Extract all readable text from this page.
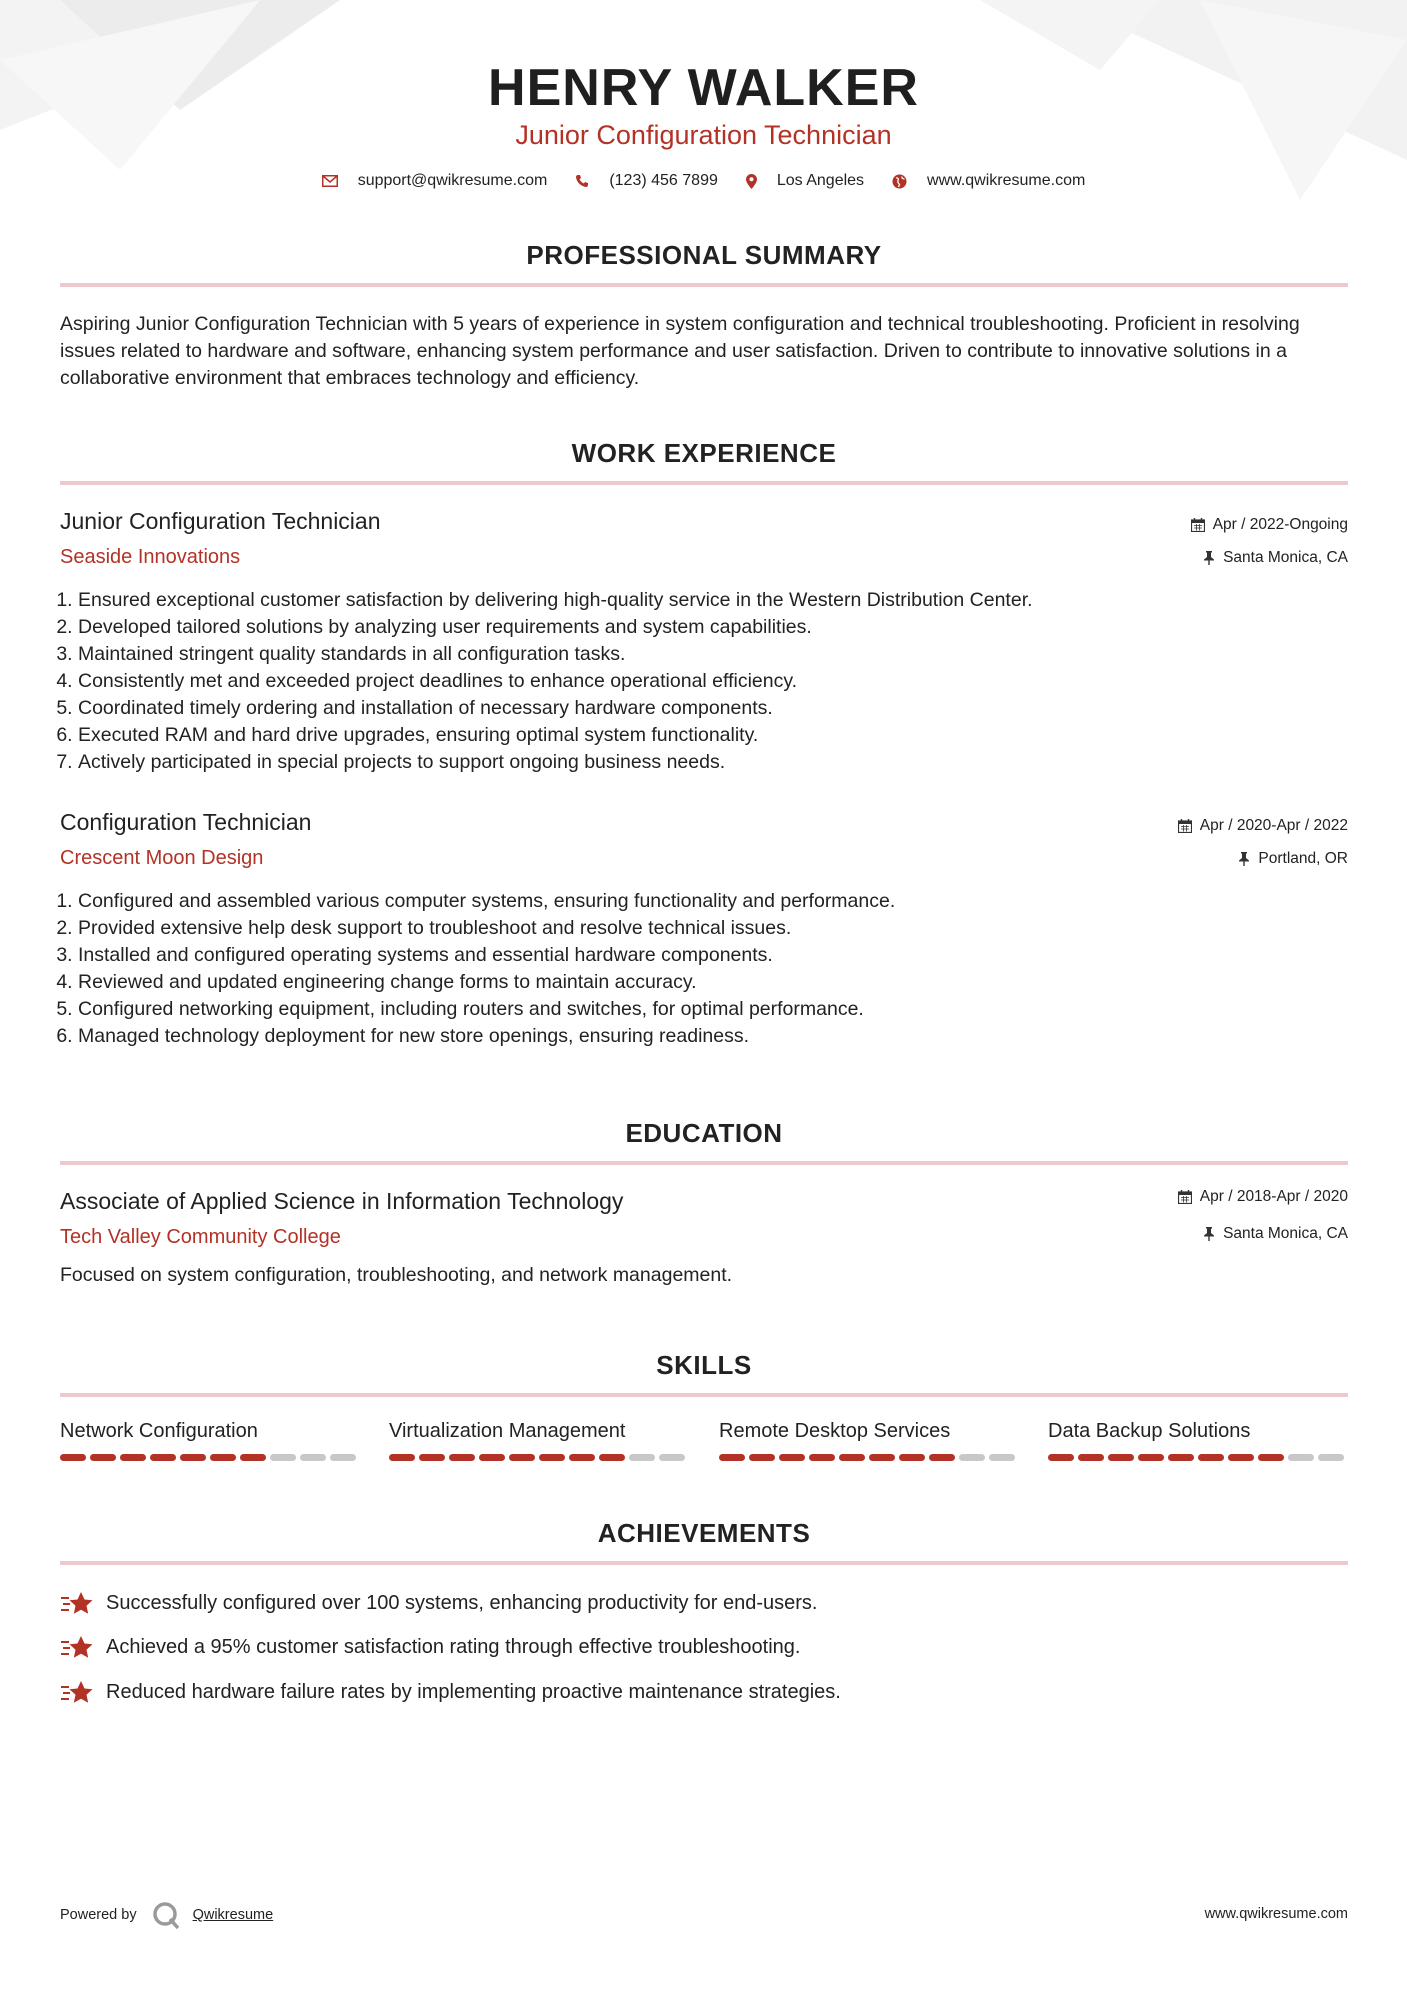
HENRY WALKER
Junior Configuration Technician
support@qwikresume.com	(123) 456 7899	Los Angeles	www.qwikresume.com
PROFESSIONAL SUMMARY
Aspiring Junior Configuration Technician with 5 years of experience in system configuration and technical troubleshooting. Proficient in resolving issues related to hardware and software, enhancing system performance and user satisfaction. Driven to contribute to innovative solutions in a collaborative environment that embraces technology and efficiency.
WORK EXPERIENCE
Junior Configuration Technician
Seaside Innovations
Apr / 2022-Ongoing
Santa Monica, CA
1. Ensured exceptional customer satisfaction by delivering high-quality service in the Western Distribution Center.
2. Developed tailored solutions by analyzing user requirements and system capabilities.
3. Maintained stringent quality standards in all configuration tasks.
4. Consistently met and exceeded project deadlines to enhance operational efficiency.
5. Coordinated timely ordering and installation of necessary hardware components.
6. Executed RAM and hard drive upgrades, ensuring optimal system functionality.
7. Actively participated in special projects to support ongoing business needs.
Configuration Technician
Crescent Moon Design
Apr / 2020-Apr / 2022
Portland, OR
1. Configured and assembled various computer systems, ensuring functionality and performance.
2. Provided extensive help desk support to troubleshoot and resolve technical issues.
3. Installed and configured operating systems and essential hardware components.
4. Reviewed and updated engineering change forms to maintain accuracy.
5. Configured networking equipment, including routers and switches, for optimal performance.
6. Managed technology deployment for new store openings, ensuring readiness.
EDUCATION
Associate of Applied Science in Information Technology
Tech Valley Community College
Apr / 2018-Apr / 2020
Santa Monica, CA
Focused on system configuration, troubleshooting, and network management.
SKILLS
Network Configuration	Virtualization Management	Remote Desktop Services	Data Backup Solutions
ACHIEVEMENTS
Successfully configured over 100 systems, enhancing productivity for end-users.
Achieved a 95% customer satisfaction rating through effective troubleshooting.
Reduced hardware failure rates by implementing proactive maintenance strategies.
Powered by	Qwikresume	www.qwikresume.com
